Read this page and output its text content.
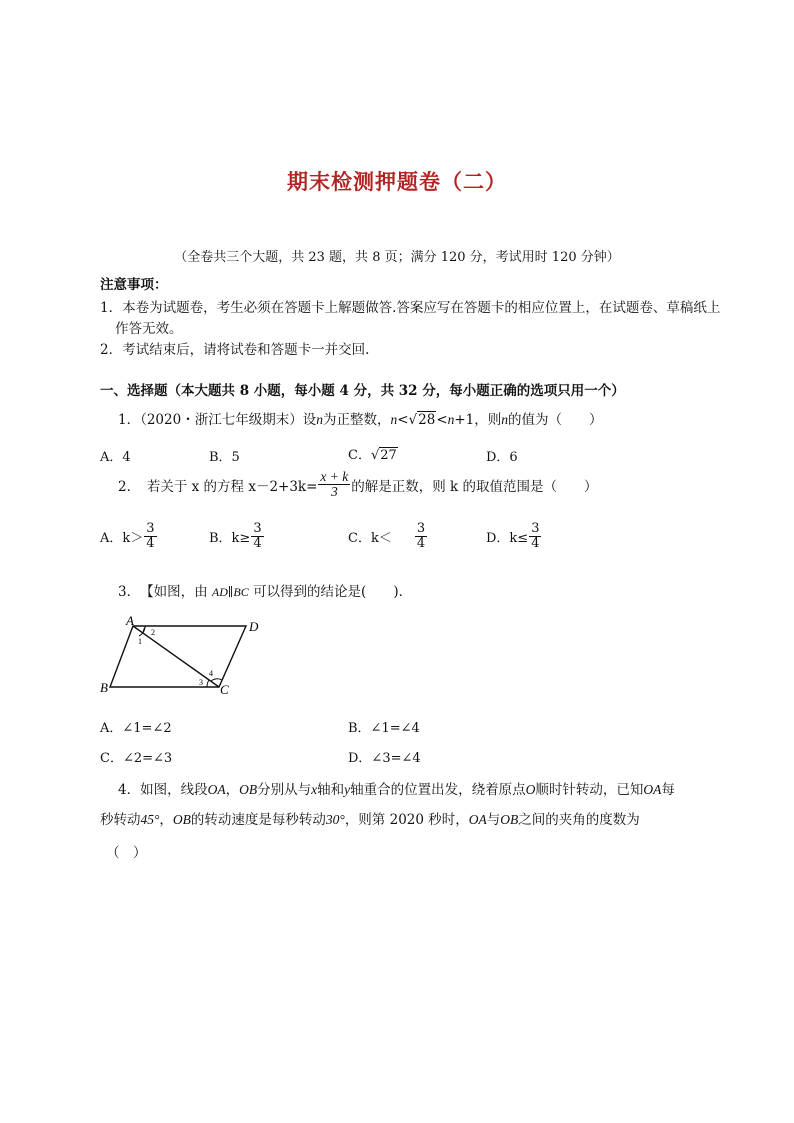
期末检测押题卷（二）
（全卷共三个大题，共 23 题，共 8 页；满分 120 分，考试用时 120 分钟）
注意事项：
1．本卷为试题卷，考生必须在答题卡上解题做答.答案应写在答题卡的相应位置上，在试题卷、草稿纸上
作答无效。
2．考试结束后，请将试卷和答题卡一并交回.
一、选择题（本大题共 8 小题，每小题 4 分，共 32 分，每小题正确的选项只用一个）
1．（2020・浙江七年级期末）设n为正整数，n<√28<n+1，则n的值为（　　）
A．4	B．5	C．√27	D．6
2．　若关于 x 的方程 $x-2+3k= \frac{x + k}{3}$ 的解是正数，则 k 的取值范围是（　　）
A．$k> \frac{3}{4}$	B．$k\ge \frac{3}{4}$	C．$k< \frac{3}{4}$	D．$k\le \frac{3}{4}$
3．　【如图，由 AD∥BC 可以得到的结论是(　　)．
A	D
B	C
1
2
3
4
A．∠1=∠2	B．∠1=∠4
C．∠2=∠3	D．∠3=∠4
4．如图，线段OA，OB分别从与x轴和y轴重合的位置出发，绕着原点O顺时针转动，已知OA每
秒转动45°，OB的转动速度是每秒转动30°，则第 2020 秒时，OA与OB之间的夹角的度数为
（　）
